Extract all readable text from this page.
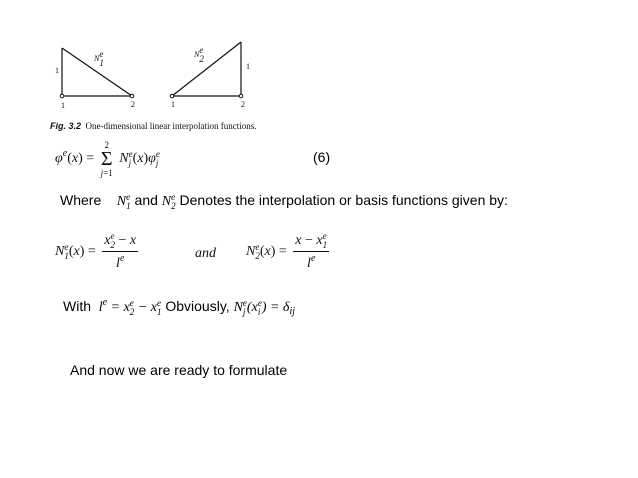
N e
1
N e
2
1	1
1	2	1	2
Fig. 3.2 One-dimensional linear interpolation functions.
$\varphi^e(x)$ =
2
Σ
j=1
N e
j (x)φ e
j	(6)
Where N e
1 and N e
2 Denotes the interpolation or basis functions given by:
N e
1 (x) = x e
2 − x
$l^e$	and N e
2 (x) = x − x e
1
$l^e$
With $l^e = x$ e
2 − x e
1 Obviously, N e
j (x e
i ) = $\delta_{ij}$
And now we are ready to formulate
